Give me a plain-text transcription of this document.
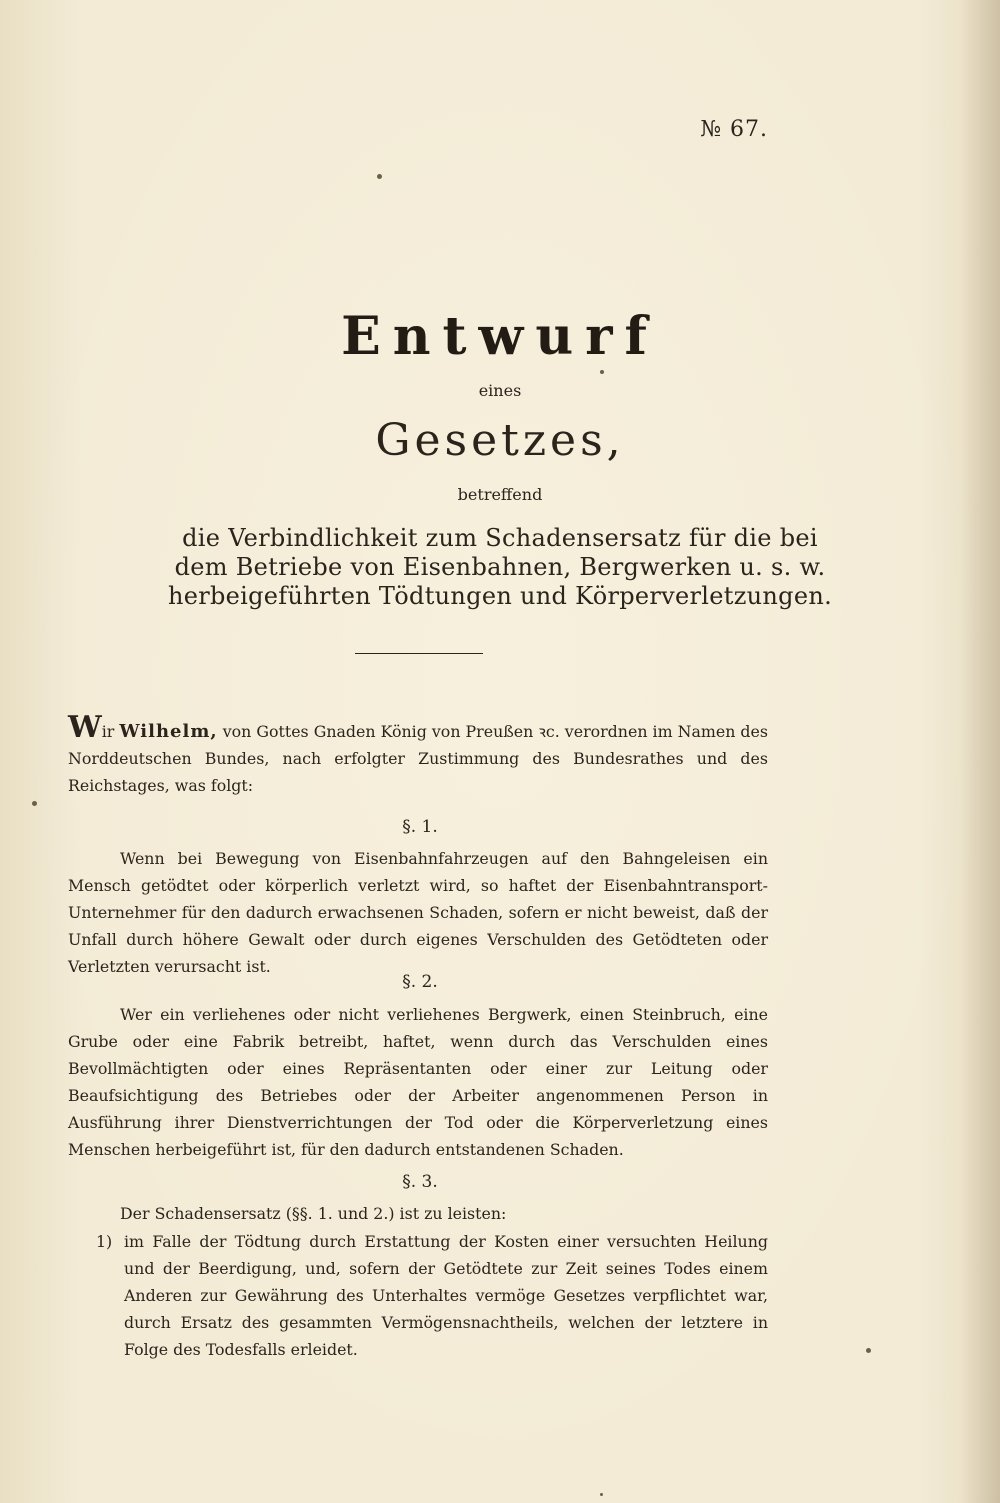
№ 67.
Entwurf
eines
Gesetzes,
betreffend
die Verbindlichkeit zum Schadensersatz für die bei dem Betriebe von Eisenbahnen, Bergwerken u. s. w. herbeigeführten Tödtungen und Körperverletzungen.
Wir Wilhelm, von Gottes Gnaden König von Preußen ꝛc. verordnen im Namen des Norddeutschen Bundes, nach erfolgter Zustimmung des Bundesrathes und des Reichstages, was folgt:
§. 1.
Wenn bei Bewegung von Eisenbahnfahrzeugen auf den Bahngeleisen ein Mensch getödtet oder körperlich verletzt wird, so haftet der Eisenbahntransport-Unternehmer für den dadurch erwachsenen Schaden, sofern er nicht beweist, daß der Unfall durch höhere Gewalt oder durch eigenes Verschulden des Getödteten oder Verletzten verursacht ist.
§. 2.
Wer ein verliehenes oder nicht verliehenes Bergwerk, einen Steinbruch, eine Grube oder eine Fabrik betreibt, haftet, wenn durch das Verschulden eines Bevollmächtigten oder eines Repräsentanten oder einer zur Leitung oder Beaufsichtigung des Betriebes oder der Arbeiter angenommenen Person in Ausführung ihrer Dienstverrichtungen der Tod oder die Körperverletzung eines Menschen herbeigeführt ist, für den dadurch entstandenen Schaden.
§. 3.
Der Schadensersatz (§§. 1. und 2.) ist zu leisten:
1) im Falle der Tödtung durch Erstattung der Kosten einer versuchten Heilung und der Beerdigung, und, sofern der Getödtete zur Zeit seines Todes einem Anderen zur Gewährung des Unterhaltes vermöge Gesetzes verpflichtet war, durch Ersatz des gesammten Vermögensnachtheils, welchen der letztere in Folge des Todesfalls erleidet.
